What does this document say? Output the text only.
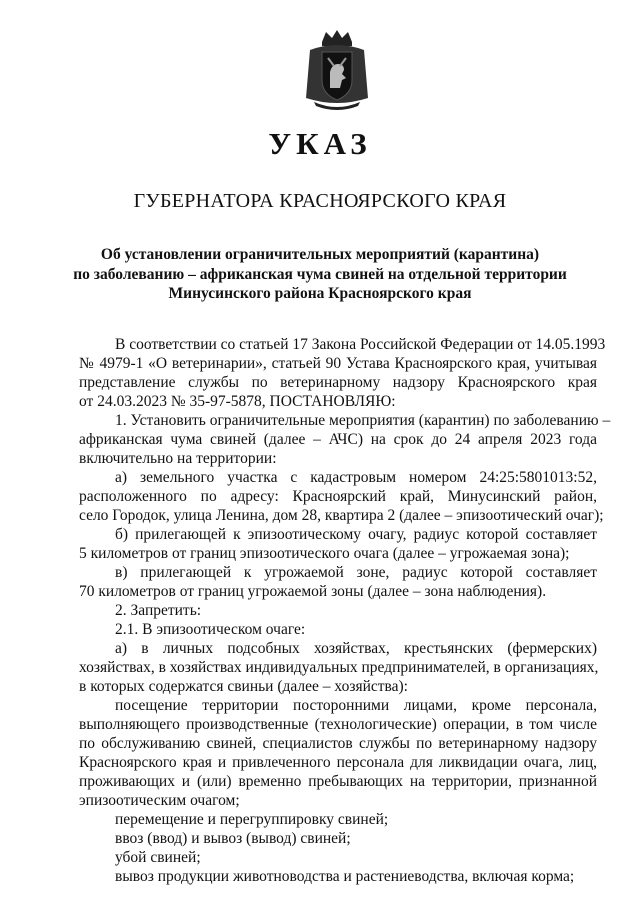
УКАЗ
ГУБЕРНАТОРА КРАСНОЯРСКОГО КРАЯ
Об установлении ограничительных мероприятий (карантина)
по заболеванию – африканская чума свиней на отдельной территории
Минусинского района Красноярского края
В соответствии со статьей 17 Закона Российской Федерации от 14.05.1993
№ 4979-1 «О ветеринарии», статьей 90 Устава Красноярского края, учитывая
представление службы по ветеринарному надзору Красноярского края
от 24.03.2023 № 35-97-5878, ПОСТАНОВЛЯЮ:
1. Установить ограничительные мероприятия (карантин) по заболеванию –
африканская чума свиней (далее – АЧС) на срок до 24 апреля 2023 года
включительно на территории:
а) земельного участка с кадастровым номером 24:25:5801013:52,
расположенного по адресу: Красноярский край, Минусинский район,
село Городок, улица Ленина, дом 28, квартира 2 (далее – эпизоотический очаг);
б) прилегающей к эпизоотическому очагу, радиус которой составляет
5 километров от границ эпизоотического очага (далее – угрожаемая зона);
в) прилегающей к угрожаемой зоне, радиус которой составляет
70 километров от границ угрожаемой зоны (далее – зона наблюдения).
2. Запретить:
2.1. В эпизоотическом очаге:
а) в личных подсобных хозяйствах, крестьянских (фермерских)
хозяйствах, в хозяйствах индивидуальных предпринимателей, в организациях,
в которых содержатся свиньи (далее – хозяйства):
посещение территории посторонними лицами, кроме персонала,
выполняющего производственные (технологические) операции, в том числе
по обслуживанию свиней, специалистов службы по ветеринарному надзору
Красноярского края и привлеченного персонала для ликвидации очага, лиц,
проживающих и (или) временно пребывающих на территории, признанной
эпизоотическим очагом;
перемещение и перегруппировку свиней;
ввоз (ввод) и вывоз (вывод) свиней;
убой свиней;
вывоз продукции животноводства и растениеводства, включая корма;
